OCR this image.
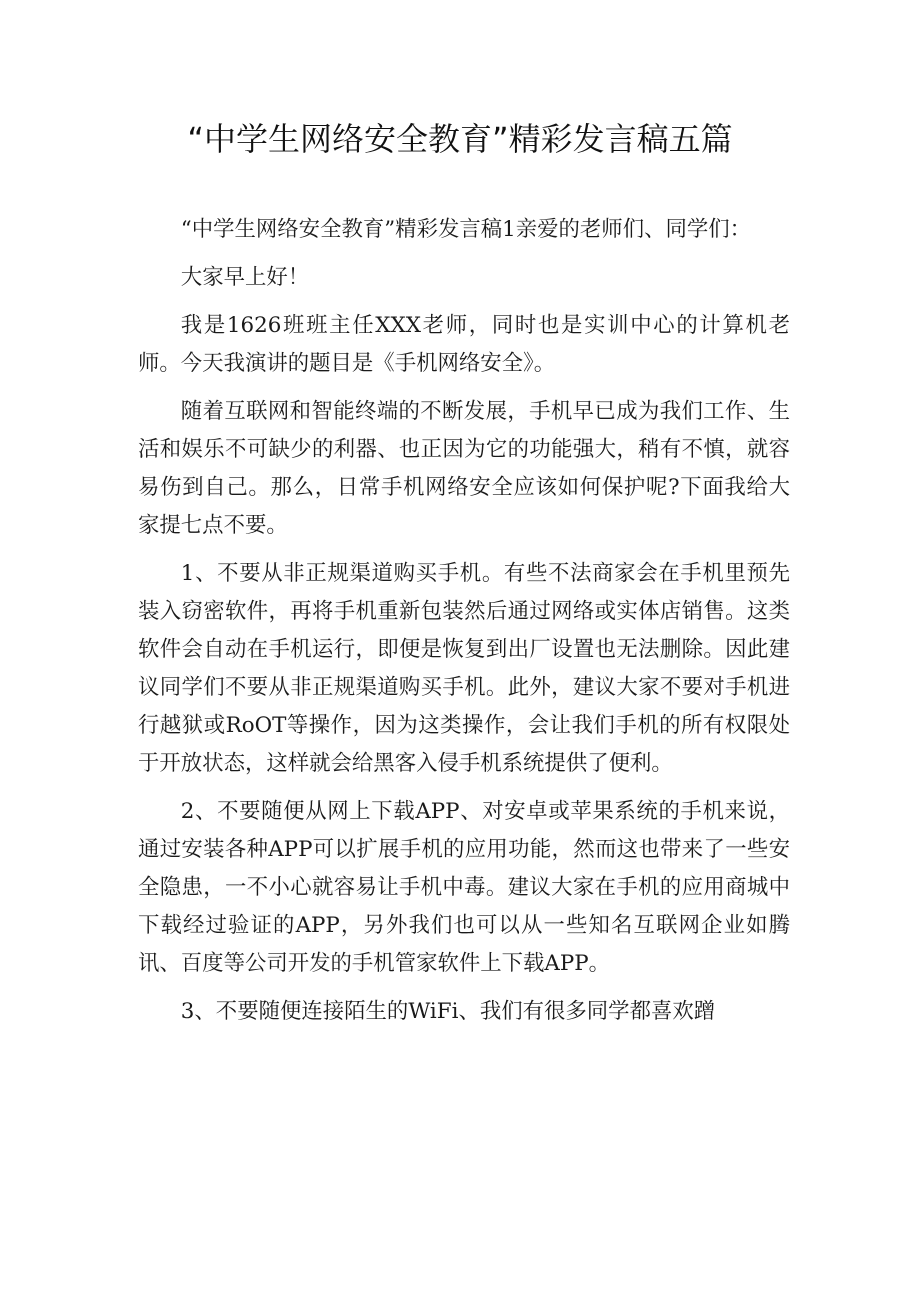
“中学生网络安全教育”精彩发言稿五篇

“中学生网络安全教育”精彩发言稿1亲爱的老师们、同学们：

大家早上好！

我是1626班班主任XXX老师，同时也是实训中心的计算机老师。今天我演讲的题目是《手机网络安全》。

随着互联网和智能终端的不断发展，手机早已成为我们工作、生活和娱乐不可缺少的利器、也正因为它的功能强大，稍有不慎，就容易伤到自己。那么，日常手机网络安全应该如何保护呢?下面我给大家提七点不要。

1、不要从非正规渠道购买手机。有些不法商家会在手机里预先装入窃密软件，再将手机重新包装然后通过网络或实体店销售。这类软件会自动在手机运行，即便是恢复到出厂设置也无法删除。因此建议同学们不要从非正规渠道购买手机。此外，建议大家不要对手机进行越狱或RoOT等操作，因为这类操作，会让我们手机的所有权限处于开放状态，这样就会给黑客入侵手机系统提供了便利。

2、不要随便从网上下载APP、对安卓或苹果系统的手机来说，通过安装各种APP可以扩展手机的应用功能，然而这也带来了一些安全隐患，一不小心就容易让手机中毒。建议大家在手机的应用商城中下载经过验证的APP，另外我们也可以从一些知名互联网企业如腾讯、百度等公司开发的手机管家软件上下载APP。

3、不要随便连接陌生的WiFi、我们有很多同学都喜欢蹭
